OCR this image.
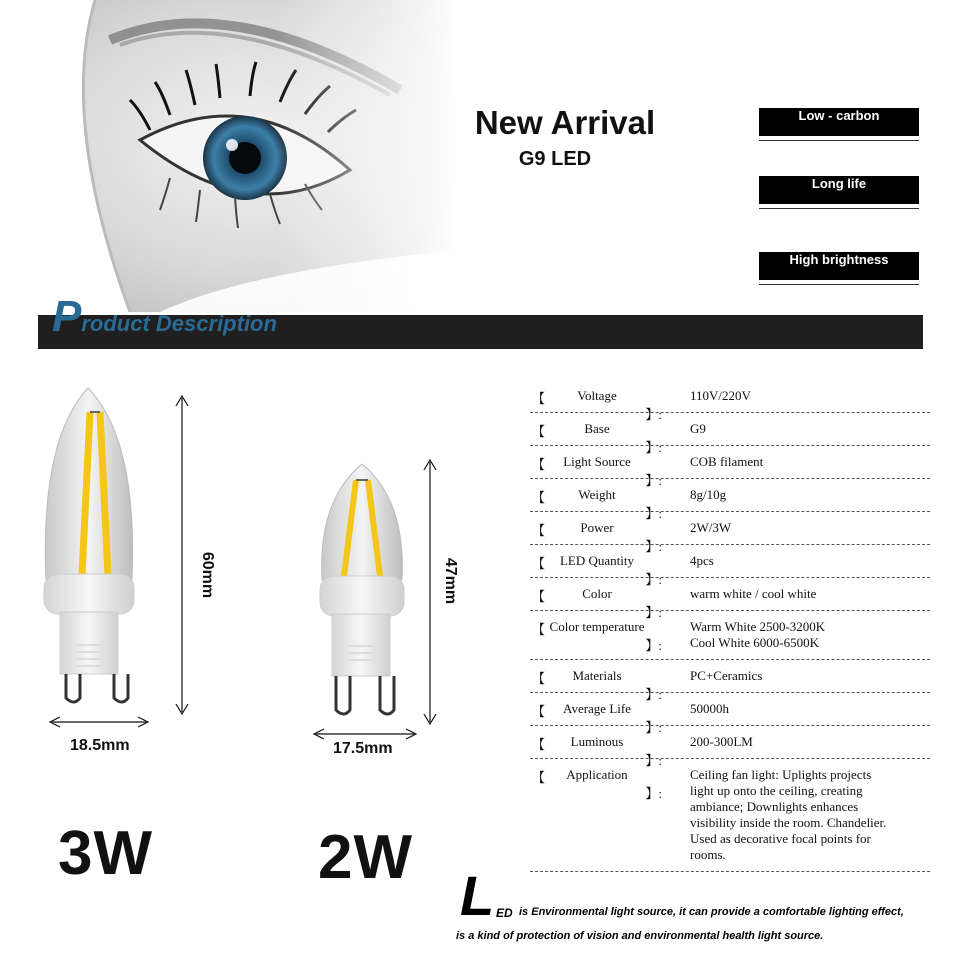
New Arrival
G9 LED
Low - carbon
Long life
High brightness
Product Description
60mm
18.5mm
47mm
17.5mm
3W	2W
【	Voltage
】:
110V/220V
【	Base
】:
G9
【	Light Source
】:
COB filament
【	Weight
】:
8g/10g
【	Power
】:
2W/3W
【	LED Quantity
】:
4pcs
【	Color
】:
warm white / cool white
【 Color temperature
】:
Warm White 2500-3200K
Cool White 6000-6500K
【	Materials
】:
PC+Ceramics
【	Average Life
】:
50000h
【	Luminous
】:
200-300LM
【	Application
】:
Ceiling fan light: Uplights projects
light up onto the ceiling, creating
ambiance; Downlights enhances
visibility inside the room. Chandelier.
Used as decorative focal points for
rooms.
L ED is Environmental light source, it can provide a comfortable lighting effect,
is a kind of protection of vision and environmental health light source.
